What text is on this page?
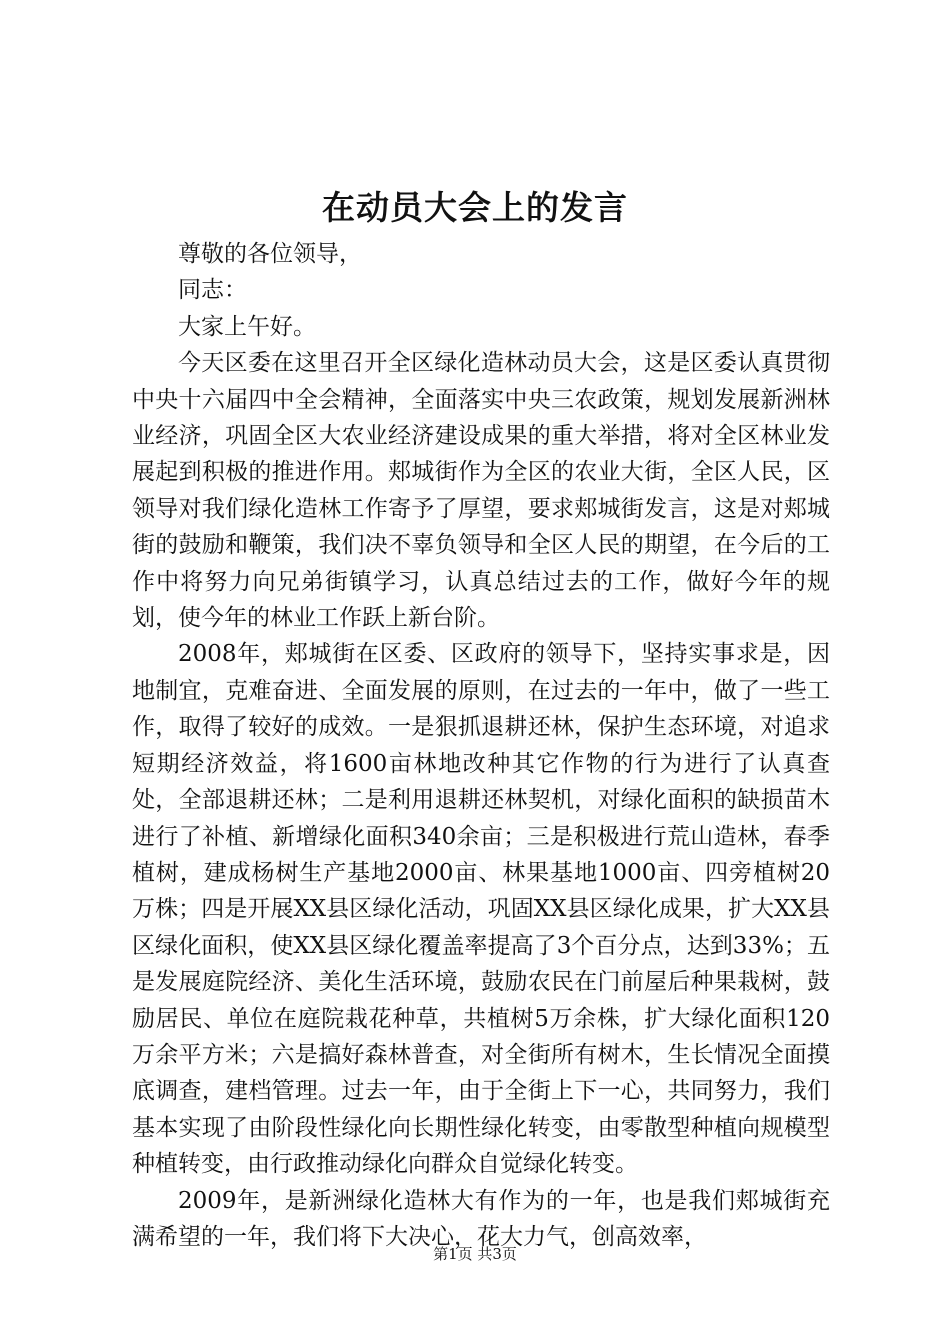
在动员大会上的发言

尊敬的各位领导，

同志：

大家上午好。

今天区委在这里召开全区绿化造林动员大会，这是区委认真贯彻中央十六届四中全会精神，全面落实中央三农政策，规划发展新洲林业经济，巩固全区大农业经济建设成果的重大举措，将对全区林业发展起到积极的推进作用。郏城街作为全区的农业大街，全区人民，区领导对我们绿化造林工作寄予了厚望，要求郏城街发言，这是对郏城街的鼓励和鞭策，我们决不辜负领导和全区人民的期望，在今后的工作中将努力向兄弟街镇学习，认真总结过去的工作，做好今年的规划，使今年的林业工作跃上新台阶。

2008年，郏城街在区委、区政府的领导下，坚持实事求是，因地制宜，克难奋进、全面发展的原则，在过去的一年中，做了一些工作，取得了较好的成效。一是狠抓退耕还林，保护生态环境，对追求短期经济效益，将1600亩林地改种其它作物的行为进行了认真查处，全部退耕还林；二是利用退耕还林契机，对绿化面积的缺损苗木进行了补植、新增绿化面积340余亩；三是积极进行荒山造林，春季植树，建成杨树生产基地2000亩、林果基地1000亩、四旁植树20万株；四是开展XX县区绿化活动，巩固XX县区绿化成果，扩大XX县区绿化面积，使XX县区绿化覆盖率提高了3个百分点，达到33%；五是发展庭院经济、美化生活环境，鼓励农民在门前屋后种果栽树，鼓励居民、单位在庭院栽花种草，共植树5万余株，扩大绿化面积120万余平方米；六是搞好森林普查，对全街所有树木，生长情况全面摸底调查，建档管理。过去一年，由于全街上下一心，共同努力，我们基本实现了由阶段性绿化向长期性绿化转变，由零散型种植向规模型种植转变，由行政推动绿化向群众自觉绿化转变。

2009年，是新洲绿化造林大有作为的一年，也是我们郏城街充满希望的一年，我们将下大决心，花大力气，创高效率，

第1页 共3页
